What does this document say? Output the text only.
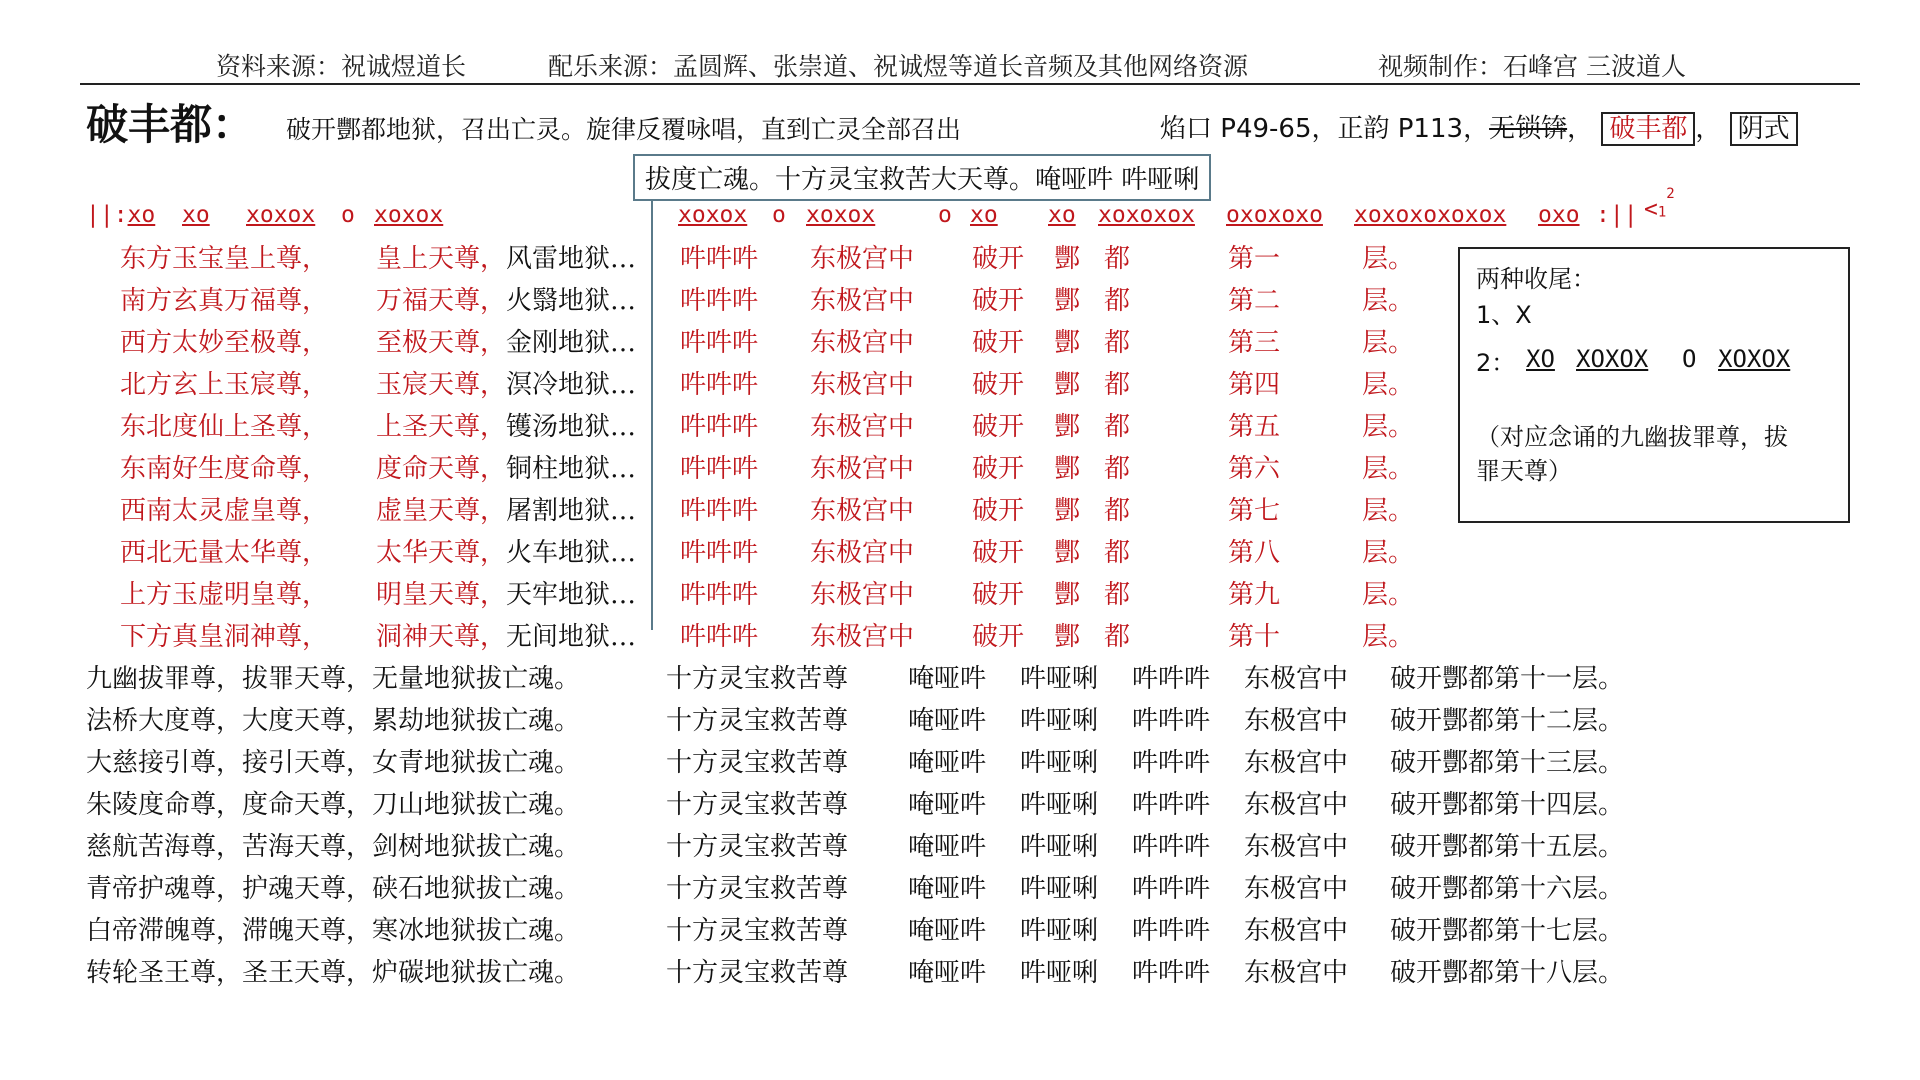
资料来源：祝诚煜道长	配乐来源：孟圆辉、张崇道、祝诚煜等道长音频及其他网络资源	视频制作：石峰宫 三波道人
破丰都： 破开酆都地狱，召出亡灵。旋律反覆咏唱，直到亡灵全部召出	焰口 P49-65，正韵 P113，无锁锛， 破丰都 ， 阴式
拔度亡魂。十方灵宝救苦大天尊。唵哑吽 吽哑唎
||:xo xo xoxox o xoxox	xoxox o xoxox	o xo xo xoxoxox oxoxoxo xoxoxoxoxox oxo :|| $<1^2$
东方玉宝皇上尊， 皇上天尊， 风雷地狱… 吽吽吽 东极宫中 破开 酆 都	第一	层。
南方玄真万福尊， 万福天尊， 火翳地狱… 吽吽吽 东极宫中 破开 酆 都	第二	层。
西方太妙至极尊， 至极天尊， 金刚地狱… 吽吽吽 东极宫中 破开 酆 都	第三	层。
北方玄上玉宸尊， 玉宸天尊， 溟冷地狱… 吽吽吽 东极宫中 破开 酆 都	第四	层。
东北度仙上圣尊， 上圣天尊， 镬汤地狱… 吽吽吽 东极宫中 破开 酆 都	第五	层。
东南好生度命尊， 度命天尊， 铜柱地狱… 吽吽吽 东极宫中 破开 酆 都	第六	层。
西南太灵虚皇尊， 虚皇天尊， 屠割地狱… 吽吽吽 东极宫中 破开 酆 都	第七	层。
西北无量太华尊， 太华天尊， 火车地狱… 吽吽吽 东极宫中 破开 酆 都	第八	层。
上方玉虚明皇尊， 明皇天尊， 天牢地狱… 吽吽吽 东极宫中 破开 酆 都	第九	层。
下方真皇洞神尊， 洞神天尊， 无间地狱… 吽吽吽 东极宫中 破开 酆 都	第十	层。
两种收尾：
1、X
2： XO XOXOX O XOXOX
（对应念诵的九幽拔罪尊，拔
罪天尊）
九幽拔罪尊，拔罪天尊，无量地狱拔亡魂。	十方灵宝救苦尊 唵哑吽 吽哑唎 吽吽吽 东极宫中 破开酆都第十一层。
法桥大度尊，大度天尊，累劫地狱拔亡魂。	十方灵宝救苦尊 唵哑吽 吽哑唎 吽吽吽 东极宫中 破开酆都第十二层。
大慈接引尊，接引天尊，女青地狱拔亡魂。	十方灵宝救苦尊 唵哑吽 吽哑唎 吽吽吽 东极宫中 破开酆都第十三层。
朱陵度命尊，度命天尊，刀山地狱拔亡魂。	十方灵宝救苦尊 唵哑吽 吽哑唎 吽吽吽 东极宫中 破开酆都第十四层。
慈航苦海尊，苦海天尊，剑树地狱拔亡魂。	十方灵宝救苦尊 唵哑吽 吽哑唎 吽吽吽 东极宫中 破开酆都第十五层。
青帝护魂尊，护魂天尊，硖石地狱拔亡魂。	十方灵宝救苦尊 唵哑吽 吽哑唎 吽吽吽 东极宫中 破开酆都第十六层。
白帝滞魄尊，滞魄天尊，寒冰地狱拔亡魂。	十方灵宝救苦尊 唵哑吽 吽哑唎 吽吽吽 东极宫中 破开酆都第十七层。
转轮圣王尊，圣王天尊，炉碳地狱拔亡魂。	十方灵宝救苦尊 唵哑吽 吽哑唎 吽吽吽 东极宫中 破开酆都第十八层。
